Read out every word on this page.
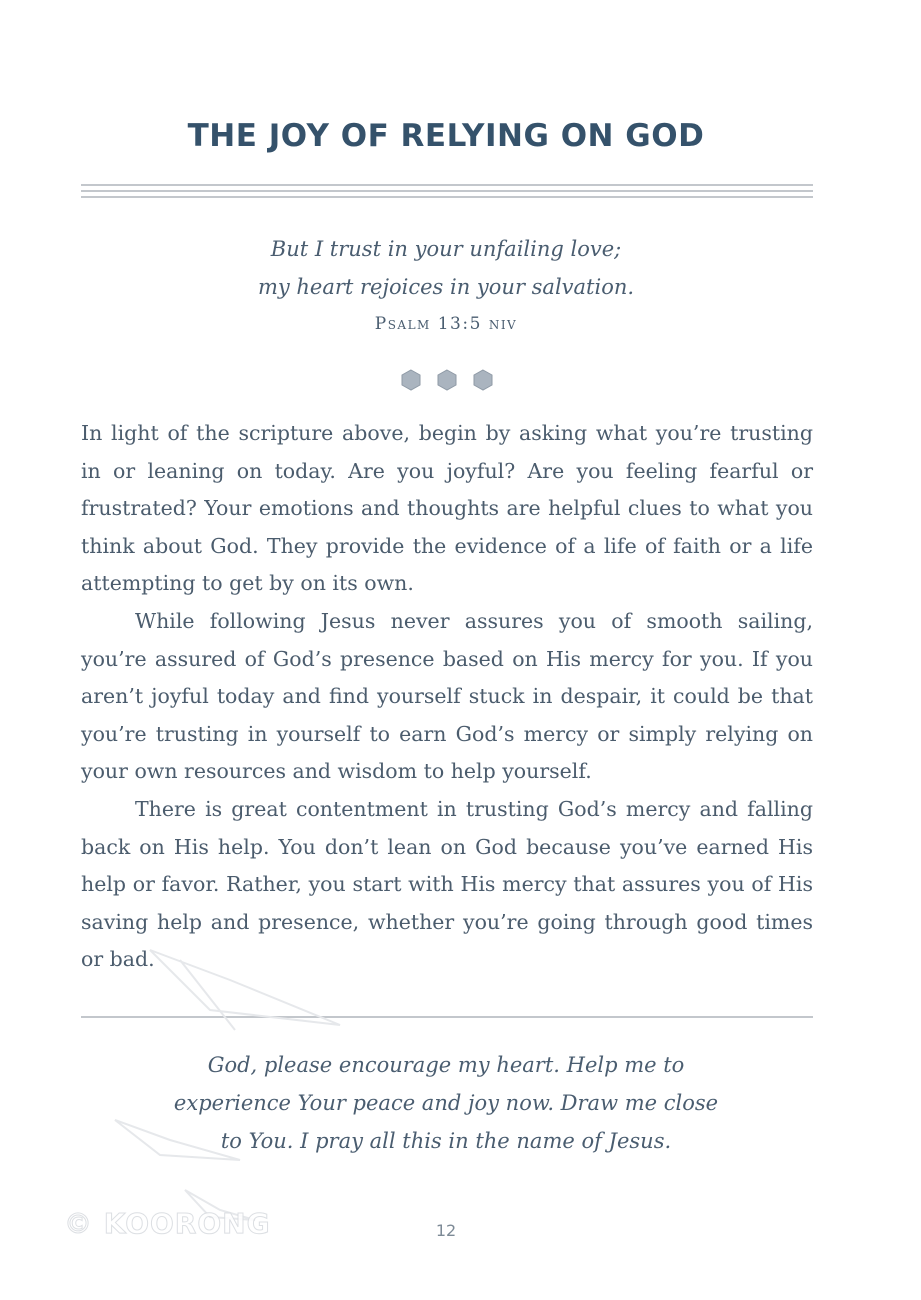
THE JOY OF RELYING ON GOD
But I trust in your unfailing love;
my heart rejoices in your salvation.
Psalm 13:5 niv

In light of the scripture above, begin by asking what you’re trusting in or leaning on today. Are you joyful? Are you feeling fearful or frustrated? Your emotions and thoughts are helpful clues to what you think about God. They provide the evidence of a life of faith or a life attempting to get by on its own.

While following Jesus never assures you of smooth sailing, you’re assured of God’s presence based on His mercy for you. If you aren’t joyful today and find yourself stuck in despair, it could be that you’re trusting in yourself to earn God’s mercy or simply relying on your own resources and wisdom to help yourself.

There is great contentment in trusting God’s mercy and falling back on His help. You don’t lean on God because you’ve earned His help or favor. Rather, you start with His mercy that assures you of His saving help and presence, whether you’re going through good times or bad.

God, please encourage my heart. Help me to
experience Your peace and joy now. Draw me close
to You. I pray all this in the name of Jesus.
12
© KOORONG
